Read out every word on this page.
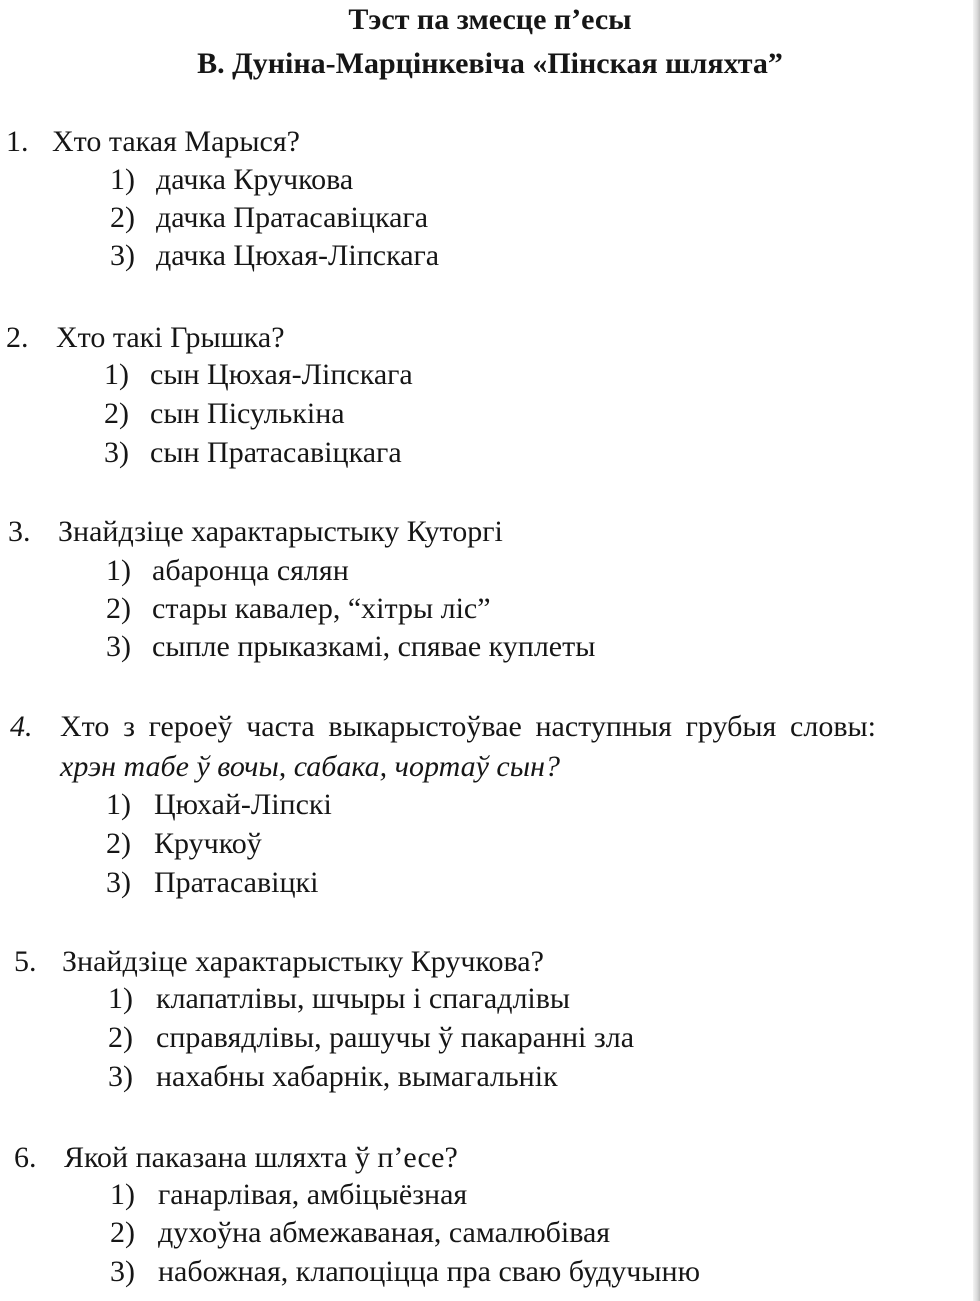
Тэст па змесце п’есы
В. Дуніна-Марцінкевіча «Пінская шляхта”
1. Хто такая Марыся?
1) дачка Кручкова
2) дачка Пратасавіцкага
3) дачка Цюхая-Ліпскага
2. Хто такі Грышка?
1) сын Цюхая-Ліпскага
2) сын Пісулькіна
3) сын Пратасавіцкага
3. Знайдзіце характарыстыку Куторгі
1) абаронца сялян
2) стары кавалер, “хітры ліс”
3) сыпле прыказкамі, спявае куплеты
4. Хто з героеў часта выкарыстоўвае наступныя грубыя словы: хрэн табе ў вочы, сабака, чортаў сын?
1) Цюхай-Ліпскі
2) Кручкоў
3) Пратасавіцкі
5. Знайдзіце характарыстыку Кручкова?
1) клапатлівы, шчыры і спагадлівы
2) справядлівы, рашучы ў пакаранні зла
3) нахабны хабарнік, вымагальнік
6. Якой паказана шляхта ў п’есе?
1) ганарлівая, амбіцыёзная
2) духоўна абмежаваная, самалюбівая
3) набожная, клапоціцца пра сваю будучыню
